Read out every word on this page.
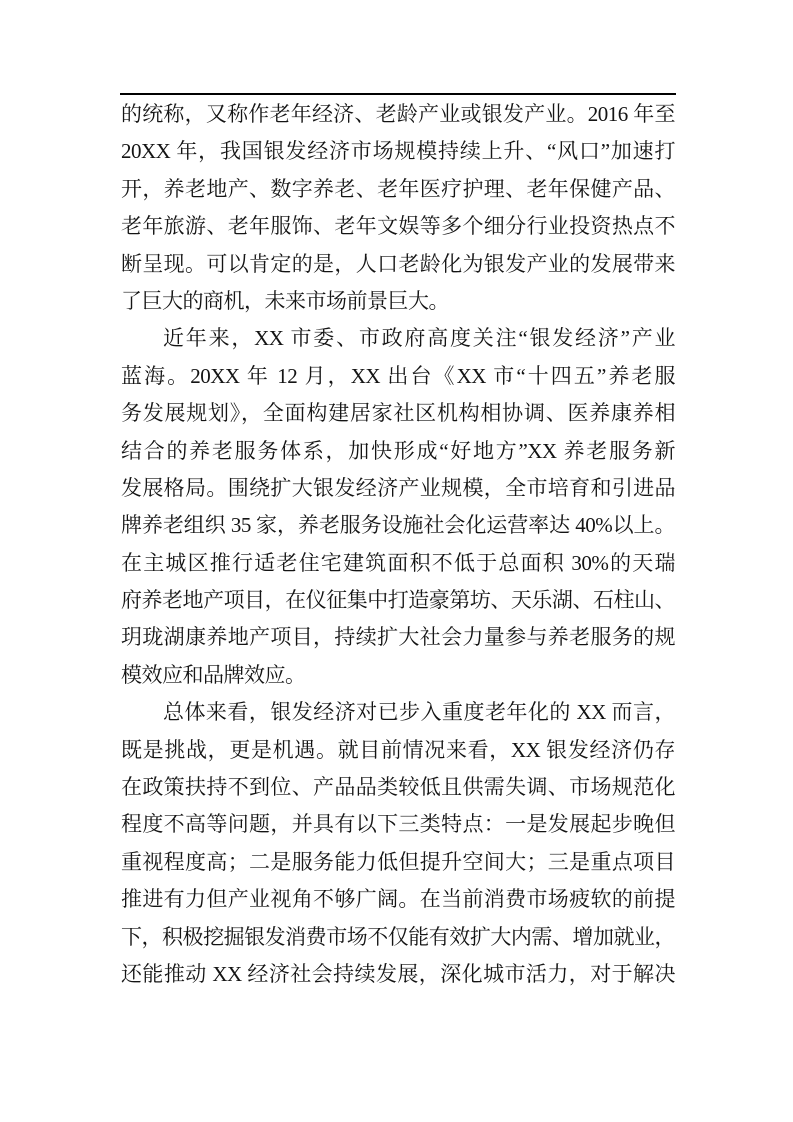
的统称，又称作老年经济、老龄产业或银发产业。2016 年至
20XX 年，我国银发经济市场规模持续上升、“风口”加速打
开，养老地产、数字养老、老年医疗护理、老年保健产品、
老年旅游、老年服饰、老年文娱等多个细分行业投资热点不
断呈现。可以肯定的是，人口老龄化为银发产业的发展带来
了巨大的商机，未来市场前景巨大。
近年来，XX 市委、市政府高度关注“银发经济”产业
蓝海。20XX 年 12 月，XX 出台《XX 市“十四五”养老服
务发展规划》，全面构建居家社区机构相协调、医养康养相
结合的养老服务体系，加快形成“好地方”XX 养老服务新
发展格局。围绕扩大银发经济产业规模，全市培育和引进品
牌养老组织 35 家，养老服务设施社会化运营率达 40%以上。
在主城区推行适老住宅建筑面积不低于总面积 30%的天瑞
府养老地产项目，在仪征集中打造豪第坊、天乐湖、石柱山、
玥珑湖康养地产项目，持续扩大社会力量参与养老服务的规
模效应和品牌效应。
总体来看，银发经济对已步入重度老年化的 XX 而言，
既是挑战，更是机遇。就目前情况来看，XX 银发经济仍存
在政策扶持不到位、产品品类较低且供需失调、市场规范化
程度不高等问题，并具有以下三类特点：一是发展起步晚但
重视程度高；二是服务能力低但提升空间大；三是重点项目
推进有力但产业视角不够广阔。在当前消费市场疲软的前提
下，积极挖掘银发消费市场不仅能有效扩大内需、增加就业，
还能推动 XX 经济社会持续发展，深化城市活力，对于解决
